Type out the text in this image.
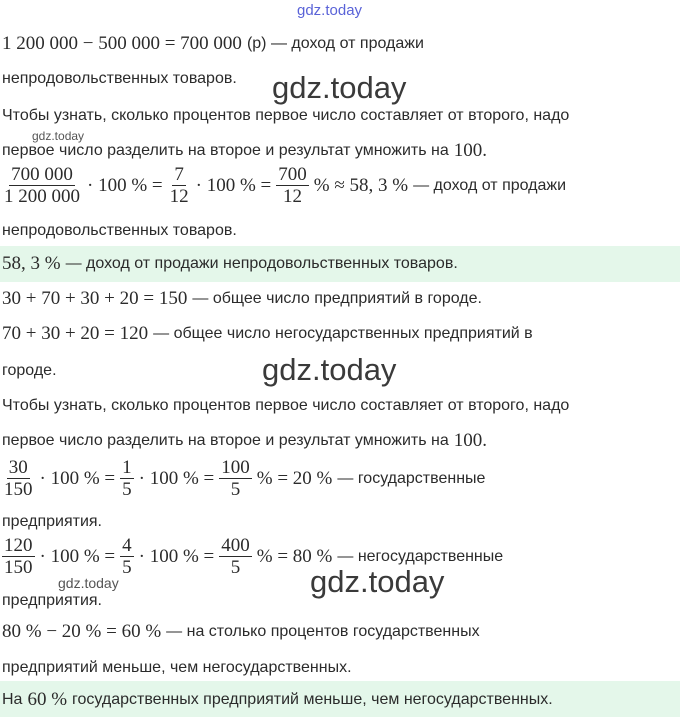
gdz.today
1 200 000 − 500 000 = 700 000 (р) — доход от продажи
непродовольственных товаров. gdz.today
Чтобы узнать, сколько процентов первое число составляет от второго, надо
gdz.today
первое число разделить на второе и результат умножить на 100.
$\frac{700 000}{1 200 000} \cdot 100$ % = $\frac{7}{12} \cdot 100$ % = $\frac{700}{12}$ % ≈ 58, 3 % — доход от продажи
непродовольственных товаров.
58, 3 % — доход от продажи непродовольственных товаров.
30 + 70 + 30 + 20 = 150 — общее число предприятий в городе.
70 + 30 + 20 = 120 — общее число негосударственных предприятий в
городе.	gdz.today
Чтобы узнать, сколько процентов первое число составляет от второго, надо
первое число разделить на второе и результат умножить на 100.
$\frac{30}{150} \cdot 100$ % = $\frac{1}{5} \cdot 100$ % = $\frac{100}{5}$ % = 20 % — государственные
предприятия.
$\frac{120}{150} \cdot 100$ % = $\frac{4}{5} \cdot 100$ % = $\frac{400}{5}$ % = 80 % — негосударственные
gdz.today	gdz.today
предприятия.
80 % − 20 % = 60 % — на столько процентов государственных
предприятий меньше, чем негосударственных.
На 60 % государственных предприятий меньше, чем негосударственных.
